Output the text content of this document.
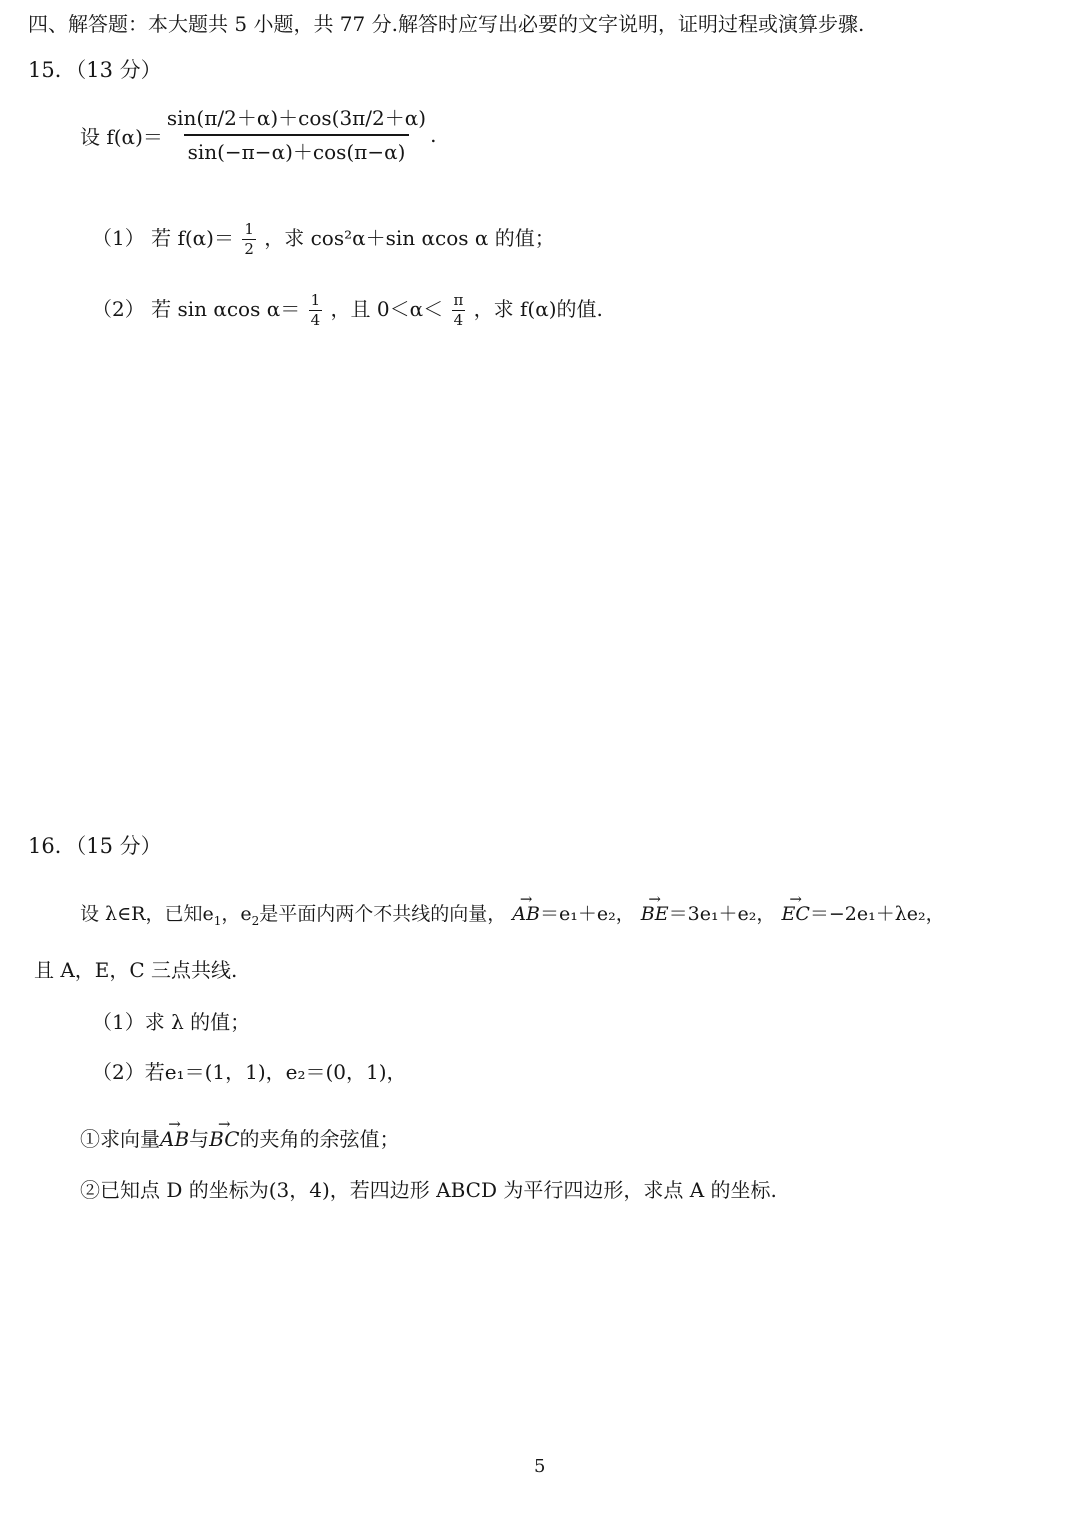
四、解答题：本大题共 5 小题，共 77 分.解答时应写出必要的文字说明，证明过程或演算步骤.
15．（13 分）
设 $f(\alpha)= \frac{\sin(\pi/2+\alpha)+\cos(3\pi/2+\alpha)}{\sin(-\pi-\alpha)+\cos(\pi-\alpha)}$ .
（1） 若 $f(\alpha)= \frac{1}{2}$ ，求 cos²α＋sin αcos α 的值；
（2） 若 sin αcos $\alpha= \frac{1}{4}$ ，且 $0<\alpha< \frac{\pi}{4}$ ，求 f(α)的值.
16．（15 分）
设 λ∈R，已知$e_1$，$e_2$是平面内两个不共线的向量， → AB＝e₁＋e₂， → BE＝3e₁＋e₂， → EC＝−2e₁＋λe₂，
且 A，E，C 三点共线.
（1）求 λ 的值；
（2）若e₁＝(1，1)，e₂＝(0，1)，
①求向量→ AB与→ BC的夹角的余弦值；
②已知点 D 的坐标为(3，4)，若四边形 ABCD 为平行四边形，求点 A 的坐标.
5
